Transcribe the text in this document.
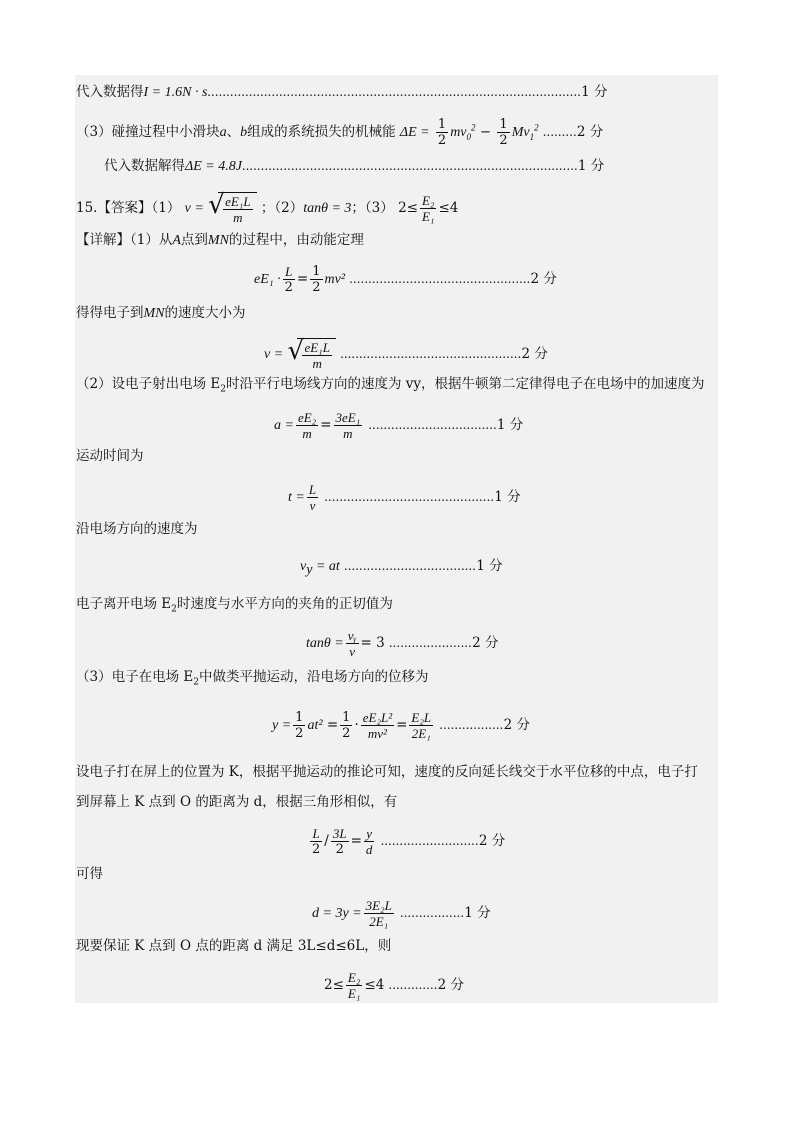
代入数据得I = 1.6N · s...................................................................................................1 分
（3）碰撞过程中小滑块a、b组成的系统损失的机械能 $\Delta E = \frac{1}{2} mv_0^2 - \frac{1}{2} Mv_1^2$ .........2 分
代入数据解得ΔE = 4.8J.........................................................................................1 分
15.【答案】（1） v = √
$\frac{\text{eE₁L}}{m}$ ；（2）tanθ = 3；（3） $2\le \frac{\text{E₂}}{\text{E₁}} \le 4$
【详解】（1）从A点到MN的过程中，由动能定理
$eE_1 \cdot \frac{L}{2} = \frac{1}{2} mv^2$ ................................................2 分
得得电子到MN的速度大小为
v = √
$\frac{\text{eE₁L}}{m} ................................................2$ 分
（2）设电子射出电场 $E_2$时沿平行电场线方向的速度为 vy，根据牛顿第二定律得电子在电场中的加速度为
$a = \frac{\text{eE₂}}{m} = \frac{\text{3eE₁}}{m} ..................................1$ 分
运动时间为
$t = \frac{L}{v} .............................................1$ 分
沿电场方向的速度为
$v_y$ = at ...................................1 分
电子离开电场 $E_2$时速度与水平方向的夹角的正切值为
$\tan\theta = \frac{\text{vᵧ}}{v} = 3$ ......................2 分
（3）电子在电场 $E_2$中做类平抛运动，沿电场方向的位移为
$y = \frac{1}{2} at^2 = \frac{1}{2} \cdot \frac{\text{eE₂L²}}{\text{mv²}} = \frac{\text{E₂L}}{\text{2E₁}} .................2$ 分
设电子打在屏上的位置为 K，根据平抛运动的推论可知，速度的反向延长线交于水平位移的中点，电子打
到屏幕上 K 点到 O 的距离为 d，根据三角形相似，有
$\frac{L}{2} / \frac{3L}{2} = \frac{y}{d} ..........................2$ 分
可得
$d = 3y = \frac{\text{3E₂L}}{\text{2E₁}} .................1$ 分
现要保证 K 点到 O 点的距离 d 满足 3L≤d≤6L，则
$2\le \frac{\text{E₂}}{\text{E₁}} \le 4$ .............2 分
